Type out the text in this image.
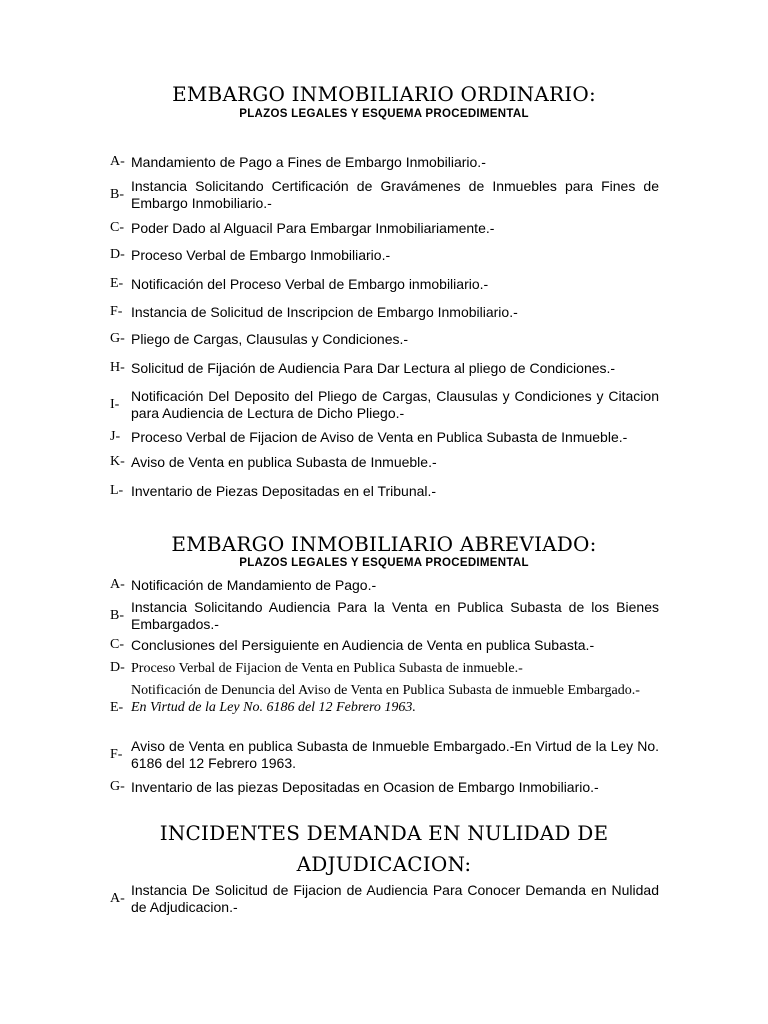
EMBARGO INMOBILIARIO ORDINARIO:
PLAZOS LEGALES Y ESQUEMA PROCEDIMENTAL
A- Mandamiento de Pago a Fines de Embargo Inmobiliario.-
B-
Instancia Solicitando Certificación de Gravámenes de Inmuebles para Fines de Embargo Inmobiliario.-
C- Poder Dado al Alguacil Para Embargar Inmobiliariamente.-
D- Proceso Verbal de Embargo Inmobiliario.-
E- Notificación del Proceso Verbal de Embargo inmobiliario.-
F- Instancia de Solicitud de Inscripcion de Embargo Inmobiliario.-
G- Pliego de Cargas, Clausulas y Condiciones.-
H- Solicitud de Fijación de Audiencia Para Dar Lectura al pliego de Condiciones.-
I-
Notificación Del Deposito del Pliego de Cargas, Clausulas y Condiciones y Citacion para Audiencia de Lectura de Dicho Pliego.-
J- Proceso Verbal de Fijacion de Aviso de Venta en Publica Subasta de Inmueble.-
K- Aviso de Venta en publica Subasta de Inmueble.-
L- Inventario de Piezas Depositadas en el Tribunal.-
EMBARGO INMOBILIARIO ABREVIADO:
PLAZOS LEGALES Y ESQUEMA PROCEDIMENTAL
A- Notificación de Mandamiento de Pago.-
B-
Instancia Solicitando Audiencia Para la Venta en Publica Subasta de los Bienes Embargados.-
C- Conclusiones del Persiguiente en Audiencia de Venta en publica Subasta.-
D- Proceso Verbal de Fijacion de Venta en Publica Subasta de inmueble.-
E-
Notificación de Denuncia del Aviso de Venta en Publica Subasta de inmueble Embargado.-
En Virtud de la Ley No. 6186 del 12 Febrero 1963.
F-
Aviso de Venta en publica Subasta de Inmueble Embargado.-En Virtud de la Ley No. 6186 del 12 Febrero 1963.
G- Inventario de las piezas Depositadas en Ocasion de Embargo Inmobiliario.-
INCIDENTES DEMANDA EN NULIDAD DE
ADJUDICACION:
A-
Instancia De Solicitud de Fijacion de Audiencia Para Conocer Demanda en Nulidad de Adjudicacion.-
